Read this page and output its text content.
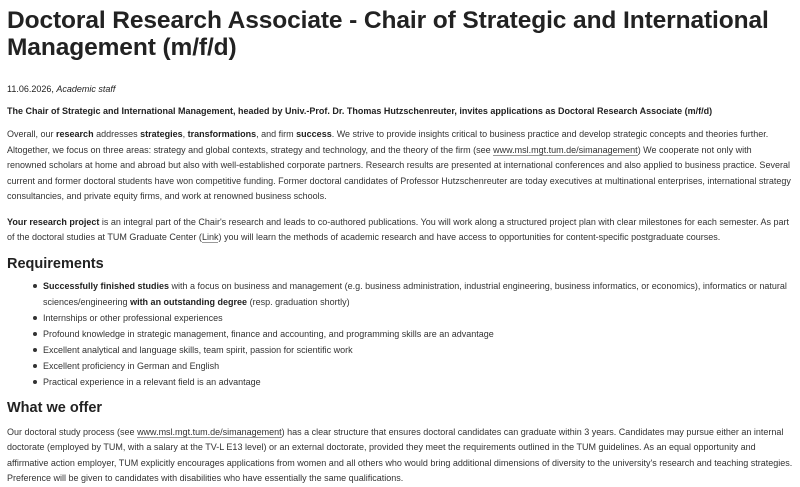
Doctoral Research Associate - Chair of Strategic and International Management (m/f/d)
11.06.2026, Academic staff
The Chair of Strategic and International Management, headed by Univ.-Prof. Dr. Thomas Hutzschenreuter, invites applications as Doctoral Research Associate (m/f/d)

Overall, our research addresses strategies, transformations, and firm success. We strive to provide insights critical to business practice and develop strategic concepts and theories further. Altogether, we focus on three areas: strategy and global contexts, strategy and technology, and the theory of the firm (see www.msl.mgt.tum.de/simanagement) We cooperate not only with renowned scholars at home and abroad but also with well-established corporate partners. Research results are presented at international conferences and also applied to business practice. Several current and former doctoral students have won competitive funding. Former doctoral candidates of Professor Hutzschenreuter are today executives at multinational enterprises, international strategy consultancies, and private equity firms, and work at renowned business schools.

Your research project is an integral part of the Chair's research and leads to co-authored publications. You will work along a structured project plan with clear milestones for each semester. As part of the doctoral studies at TUM Graduate Center (Link) you will learn the methods of academic research and have access to opportunities for content-specific postgraduate courses.

Requirements
Successfully finished studies with a focus on business and management (e.g. business administration, industrial engineering, business informatics, or economics), informatics or natural sciences/engineering with an outstanding degree (resp. graduation shortly)
Internships or other professional experiences
Profound knowledge in strategic management, finance and accounting, and programming skills are an advantage
Excellent analytical and language skills, team spirit, passion for scientific work
Excellent proficiency in German and English
Practical experience in a relevant field is an advantage
What we offer

Our doctoral study process (see www.msl.mgt.tum.de/simanagement) has a clear structure that ensures doctoral candidates can graduate within 3 years. Candidates may pursue either an internal doctorate (employed by TUM, with a salary at the TV-L E13 level) or an external doctorate, provided they meet the requirements outlined in the TUM guidelines. As an equal opportunity and affirmative action employer, TUM explicitly encourages applications from women and all others who would bring additional dimensions of diversity to the university's research and teaching strategies. Preference will be given to candidates with disabilities who have essentially the same qualifications.
